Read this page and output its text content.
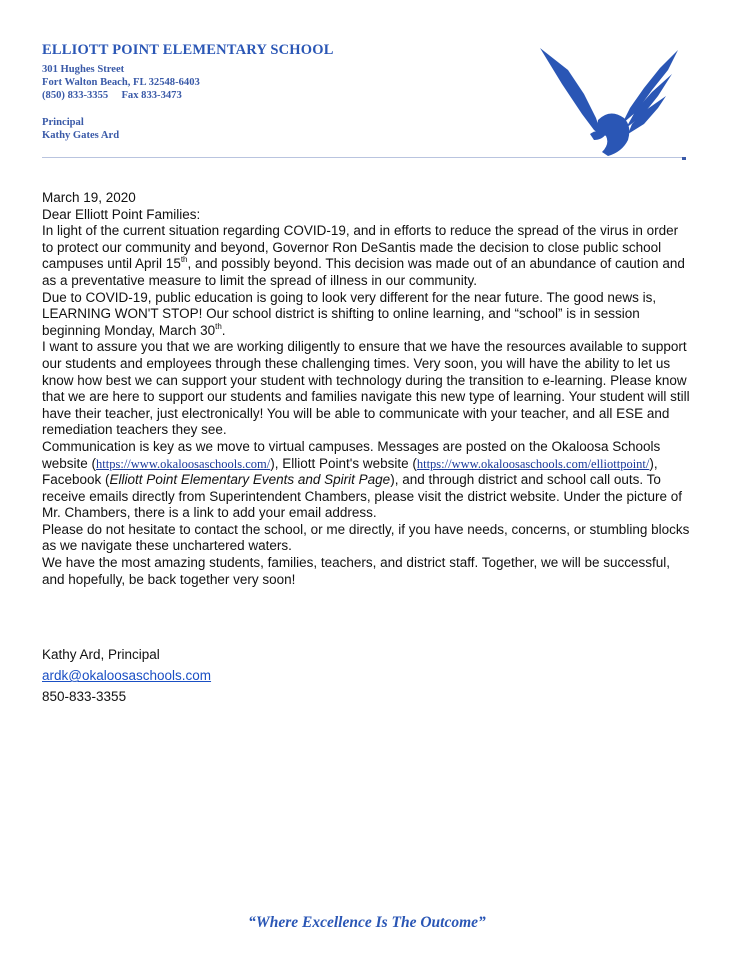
ELLIOTT POINT ELEMENTARY SCHOOL
301 Hughes Street
Fort Walton Beach, FL 32548-6403
(850) 833-3355     Fax 833-3473
Principal
Kathy Gates Ard

March 19, 2020

Dear Elliott Point Families:

In light of the current situation regarding COVID-19, and in efforts to reduce the spread of the virus in order to protect our community and beyond, Governor Ron DeSantis made the decision to close public school campuses until April 15th, and possibly beyond. This decision was made out of an abundance of caution and as a preventative measure to limit the spread of illness in our community.

Due to COVID-19, public education is going to look very different for the near future. The good news is, LEARNING WON'T STOP! Our school district is shifting to online learning, and “school” is in session beginning Monday, March 30th.

I want to assure you that we are working diligently to ensure that we have the resources available to support our students and employees through these challenging times. Very soon, you will have the ability to let us know how best we can support your student with technology during the transition to e-learning. Please know that we are here to support our students and families navigate this new type of learning. Your student will still have their teacher, just electronically! You will be able to communicate with your teacher, and all ESE and remediation teachers they see.

Communication is key as we move to virtual campuses. Messages are posted on the Okaloosa Schools website (https://www.okaloosaschools.com/), Elliott Point's website (https://www.okaloosaschools.com/elliottpoint/), Facebook (Elliott Point Elementary Events and Spirit Page), and through district and school call outs. To receive emails directly from Superintendent Chambers, please visit the district website. Under the picture of Mr. Chambers, there is a link to add your email address.

Please do not hesitate to contact the school, or me directly, if you have needs, concerns, or stumbling blocks as we navigate these unchartered waters.

We have the most amazing students, families, teachers, and district staff. Together, we will be successful, and hopefully, be back together very soon!

Kathy Ard, Principal
ardk@okaloosaschools.com
850-833-3355
“Where Excellence Is The Outcome”
